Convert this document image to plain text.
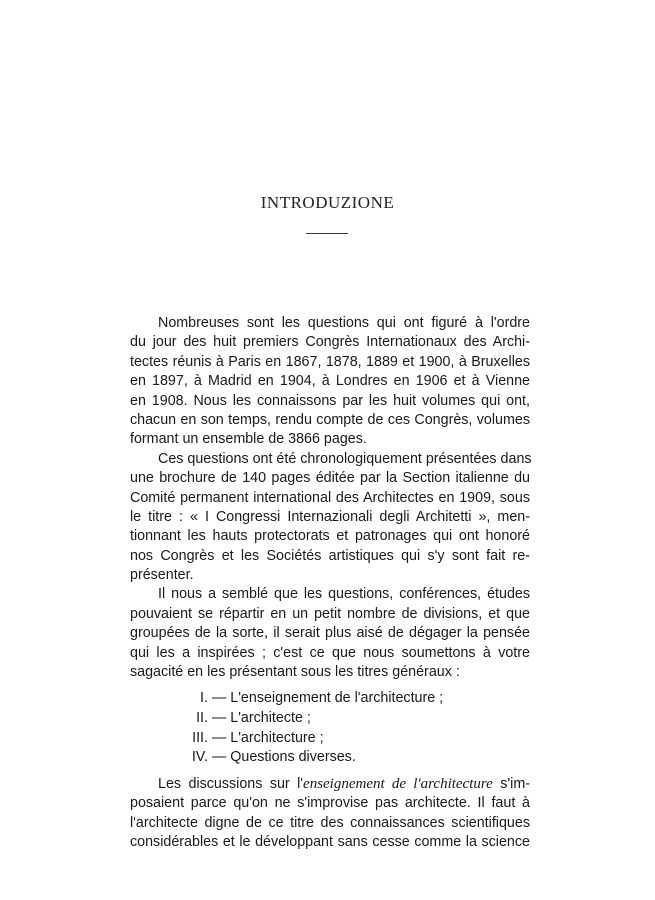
INTRODUZIONE
Nombreuses sont les questions qui ont figuré à l'ordre
du jour des huit premiers Congrès Internationaux des Archi-
tectes réunis à Paris en 1867, 1878, 1889 et 1900, à Bruxelles
en 1897, à Madrid en 1904, à Londres en 1906 et à Vienne
en 1908. Nous les connaissons par les huit volumes qui ont,
chacun en son temps, rendu compte de ces Congrès, volumes
formant un ensemble de 3866 pages.
Ces questions ont été chronologiquement présentées dans
une brochure de 140 pages éditée par la Section italienne du
Comité permanent international des Architectes en 1909, sous
le titre : « I Congressi Internazionali degli Architetti », men-
tionnant les hauts protectorats et patronages qui ont honoré
nos Congrès et les Sociétés artistiques qui s'y sont fait re-
présenter.
Il nous a semblé que les questions, conférences, études
pouvaient se répartir en un petit nombre de divisions, et que
groupées de la sorte, il serait plus aisé de dégager la pensée
qui les a inspirées ; c'est ce que nous soumettons à votre
sagacité en les présentant sous les titres généraux :
I. — L'enseignement de l'architecture ;
II. — L'architecte ;
III. — L'architecture ;
IV. — Questions diverses.
Les discussions sur l'enseignement de l'architecture s'im-
posaient parce qu'on ne s'improvise pas architecte. Il faut à
l'architecte digne de ce titre des connaissances scientifiques
considérables et le développant sans cesse comme la science
